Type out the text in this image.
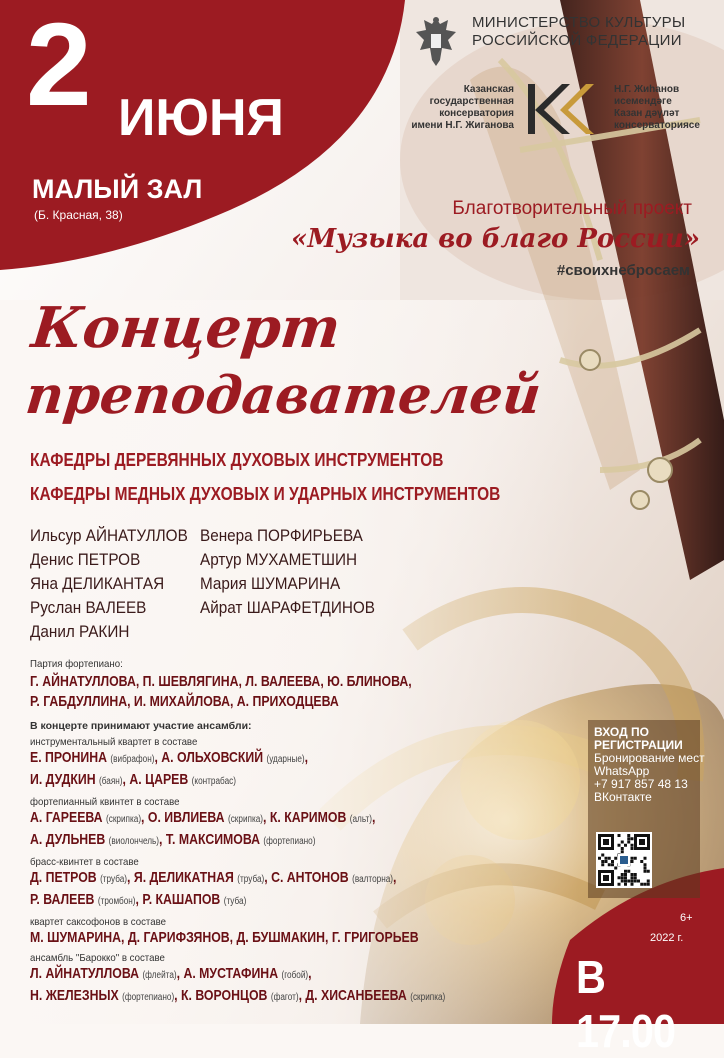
2 ИЮНЯ
МАЛЫЙ ЗАЛ
(Б. Красная, 38)
МИНИСТЕРСТВО КУЛЬТУРЫ
РОССИЙСКОЙ ФЕДЕРАЦИИ
Казанская
государственная
консерватория
имени Н.Г. Жиганова
Н.Г. Жиһанов
исемендәге
Казан дәүләт
консерваториясе
Благотворительный проект
«Музыка во благо России»
#своихнебросаем
Концерт
преподавателей
КАФЕДРЫ ДЕРЕВЯННЫХ ДУХОВЫХ ИНСТРУМЕНТОВ
КАФЕДРЫ МЕДНЫХ ДУХОВЫХ И УДАРНЫХ ИНСТРУМЕНТОВ
Ильсур АЙНАТУЛЛОВ
Денис ПЕТРОВ
Яна ДЕЛИКАНТАЯ
Руслан ВАЛЕЕВ
Данил РАКИН
Венера ПОРФИРЬЕВА
Артур МУХАМЕТШИН
Мария ШУМАРИНА
Айрат ШАРАФЕТДИНОВ
Партия фортепиано:
Г. АЙНАТУЛЛОВА, П. ШЕВЛЯГИНА, Л. ВАЛЕЕВА, Ю. БЛИНОВА,
Р. ГАБДУЛЛИНА, И. МИХАЙЛОВА, А. ПРИХОДЦЕВА
В концерте принимают участие ансамбли:
инструментальный квартет в составе
Е. ПРОНИНА (вибрафон), А. ОЛЬХОВСКИЙ (ударные),
И. ДУДКИН (баян), А. ЦАРЕВ (контрабас)
фортепианный квинтет в составе
А. ГАРЕЕВА (скрипка), О. ИВЛИЕВА (скрипка), К. КАРИМОВ (альт),
А. ДУЛЬНЕВ (виолончель), Т. МАКСИМОВА (фортепиано)
брасс-квинтет в составе
Д. ПЕТРОВ (труба), Я. ДЕЛИКАТНАЯ (труба), С. АНТОНОВ (валторна),
Р. ВАЛЕЕВ (тромбон), Р. КАШАПОВ (туба)
квартет саксофонов в составе
М. ШУМАРИНА, Д. ГАРИФЗЯНОВ, Д. БУШМАКИН, Г. ГРИГОРЬЕВ
ансамбль "Барокко" в составе
Л. АЙНАТУЛЛОВА (флейта), А. МУСТАФИНА (гобой),
Н. ЖЕЛЕЗНЫХ (фортепиано), К. ВОРОНЦОВ (фагот), Д. ХИСАНБЕЕВА (скрипка)
ВХОД ПО
РЕГИСТРАЦИИ
Бронирование мест
WhatsApp
+7 917 857 48 13
ВКонтакте
6+
2022 г.
В 17.00
